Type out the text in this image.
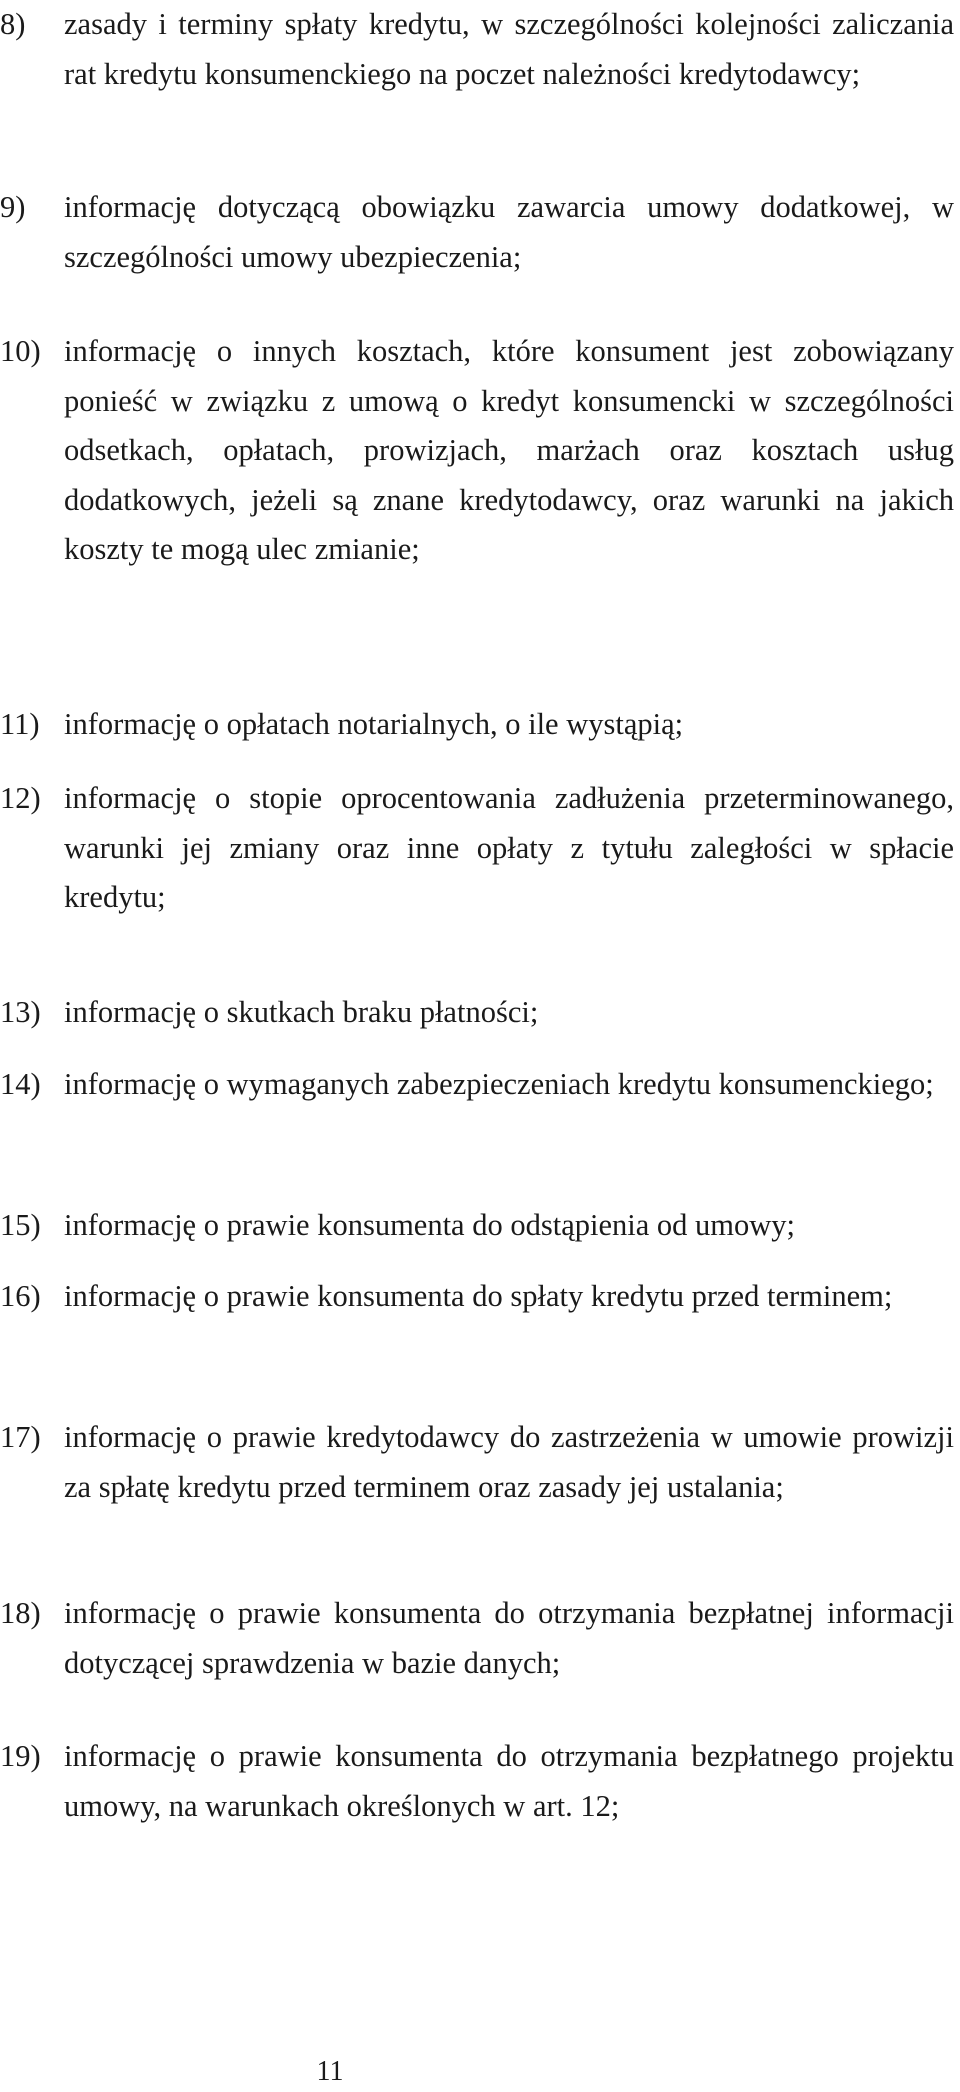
8)	zasady i terminy spłaty kredytu, w szczególności kolejności zaliczania rat kredytu konsumenckiego na poczet należności kredytodawcy;

9)	informację dotyczącą obowiązku zawarcia umowy dodatkowej, w szczególności umowy ubezpieczenia;

10) informację o innych kosztach, które konsument jest zobowiązany ponieść w związku z umową o kredyt konsumencki w szczególności odsetkach, opłatach, prowizjach, marżach oraz kosztach usług dodatkowych, jeżeli są znane kredytodawcy, oraz warunki na jakich koszty te mogą ulec zmianie;

11) informację o opłatach notarialnych, o ile wystąpią;

12) informację o stopie oprocentowania zadłużenia przeterminowanego, warunki jej zmiany oraz inne opłaty z tytułu zaległości w spłacie kredytu;

13) informację o skutkach braku płatności;

14) informację o wymaganych zabezpieczeniach kredytu konsumenckiego;

15) informację o prawie konsumenta do odstąpienia od umowy;

16) informację o prawie konsumenta do spłaty kredytu przed terminem;

17) informację o prawie kredytodawcy do zastrzeżenia w umowie prowizji za spłatę kredytu przed terminem oraz zasady jej ustalania;

18) informację o prawie konsumenta do otrzymania bezpłatnej informacji dotyczącej sprawdzenia w bazie danych;

19) informację o prawie konsumenta do otrzymania bezpłatnego projektu umowy, na warunkach określonych w art. 12;

11
